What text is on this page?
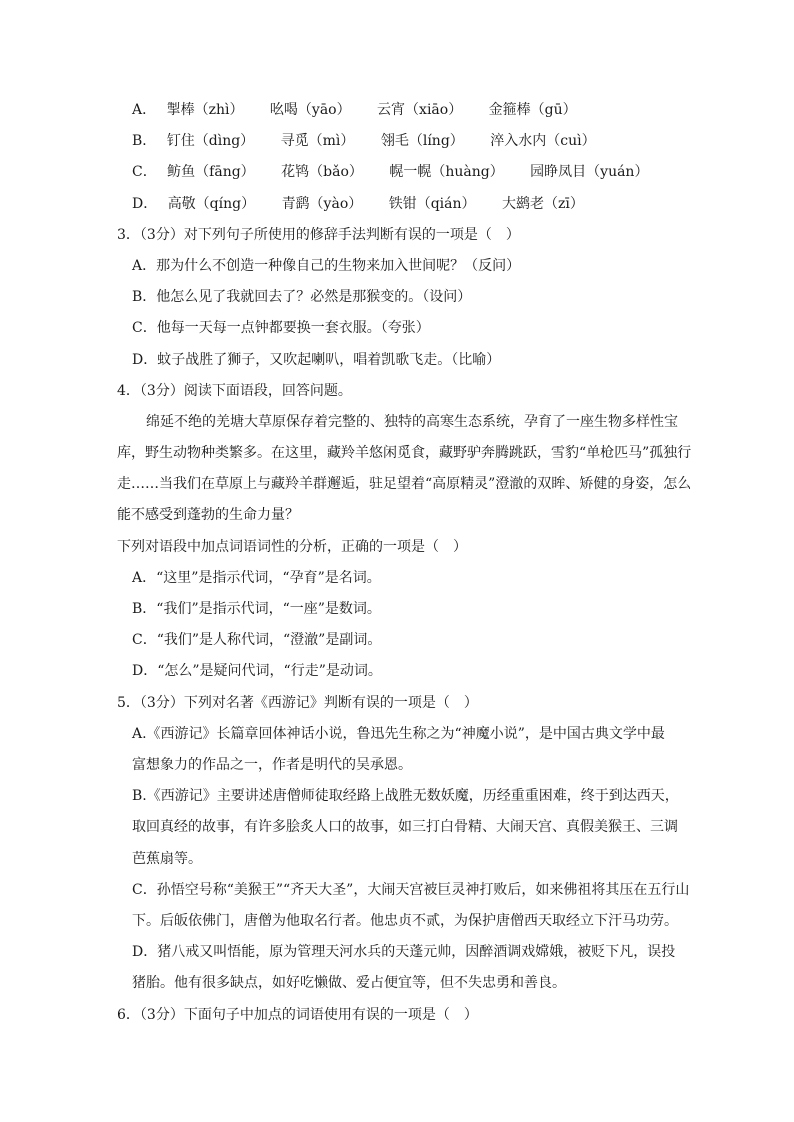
A． 掣棒（zhì） 吆喝（yāo） 云宵（xiāo） 金箍棒（gū）
B． 钉住（dìng） 寻觅（mì） 翎毛（líng） 淬入水内（cuì）
C． 鲂鱼（fāng） 花鸨（bǎo） 幌一幌（huàng） 园睁凤目（yuán）
D． 高敬（qíng） 青鹞（yào） 铁钳（qián） 大鹚老（zī）
3．（3分）对下列句子所使用的修辞手法判断有误的一项是（　）
A．那为什么不创造一种像自己的生物来加入世间呢？（反问）
B．他怎么见了我就回去了？必然是那猴变的。（设问）
C．他每一天每一点钟都要换一套衣服。（夸张）
D．蚊子战胜了狮子，又吹起喇叭，唱着凯歌飞走。（比喻）
4．（3分）阅读下面语段，回答问题。
绵延不绝的羌塘大草原保存着完整的、独特的高寒生态系统，孕育了一座生物多样性宝
库，野生动物种类繁多。在这里，藏羚羊悠闲觅食，藏野驴奔腾跳跃，雪豹“单枪匹马”孤独行
走……当我们在草原上与藏羚羊群邂逅，驻足望着“高原精灵”澄澈的双眸、矫健的身姿，怎么
能不感受到蓬勃的生命力量？
下列对语段中加点词语词性的分析，正确的一项是（　）
A．“这里”是指示代词，“孕育”是名词。
B．“我们”是指示代词，“一座”是数词。
C．“我们”是人称代词，“澄澈”是副词。
D．“怎么”是疑问代词，“行走”是动词。
5．（3分）下列对名著《西游记》判断有误的一项是（　）
A.《西游记》长篇章回体神话小说，鲁迅先生称之为“神魔小说”，是中国古典文学中最
富想象力的作品之一，作者是明代的吴承恩。
B.《西游记》主要讲述唐僧师徒取经路上战胜无数妖魔，历经重重困难，终于到达西天，
取回真经的故事，有许多脍炙人口的故事，如三打白骨精、大闹天宫、真假美猴王、三调
芭蕉扇等。
C．孙悟空号称“美猴王”“齐天大圣”，大闹天宫被巨灵神打败后，如来佛祖将其压在五行山
下。后皈依佛门，唐僧为他取名行者。他忠贞不贰，为保护唐僧西天取经立下汗马功劳。
D．猪八戒又叫悟能，原为管理天河水兵的天蓬元帅，因醉酒调戏嫦娥，被贬下凡，误投
猪胎。他有很多缺点，如好吃懒做、爱占便宜等，但不失忠勇和善良。
6．（3分）下面句子中加点的词语使用有误的一项是（　）
